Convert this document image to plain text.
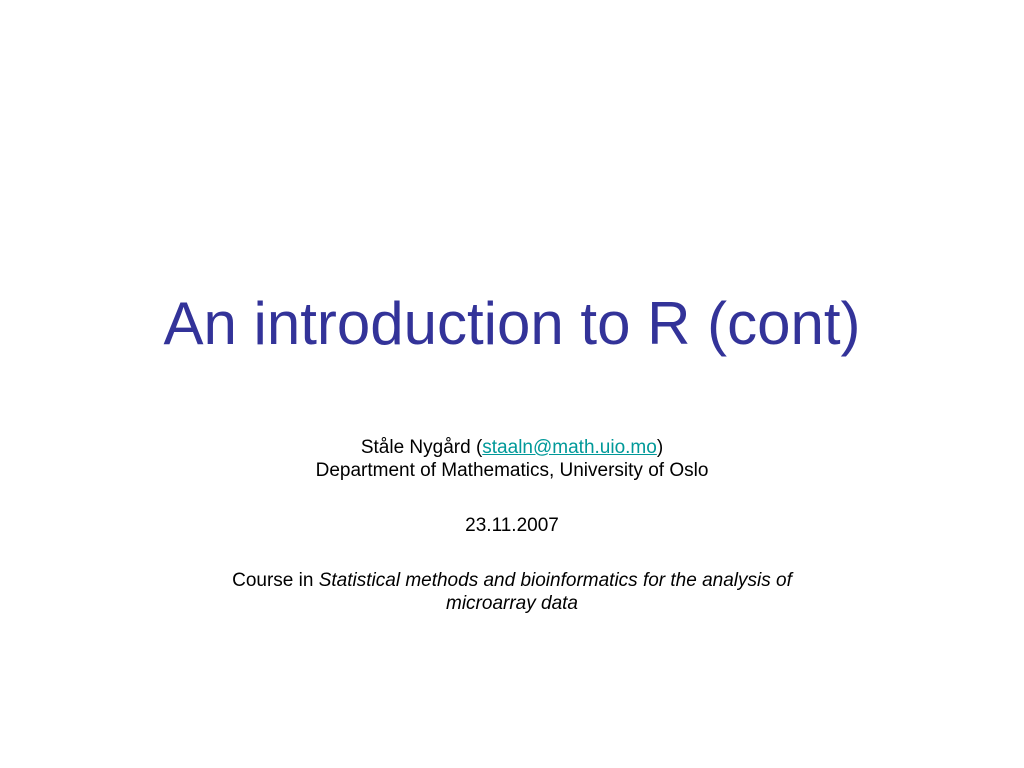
An introduction to R (cont)
Ståle Nygård (staaln@math.uio.mo)
Department of Mathematics, University of Oslo
23.11.2007
Course in Statistical methods and bioinformatics for the analysis of
microarray data
